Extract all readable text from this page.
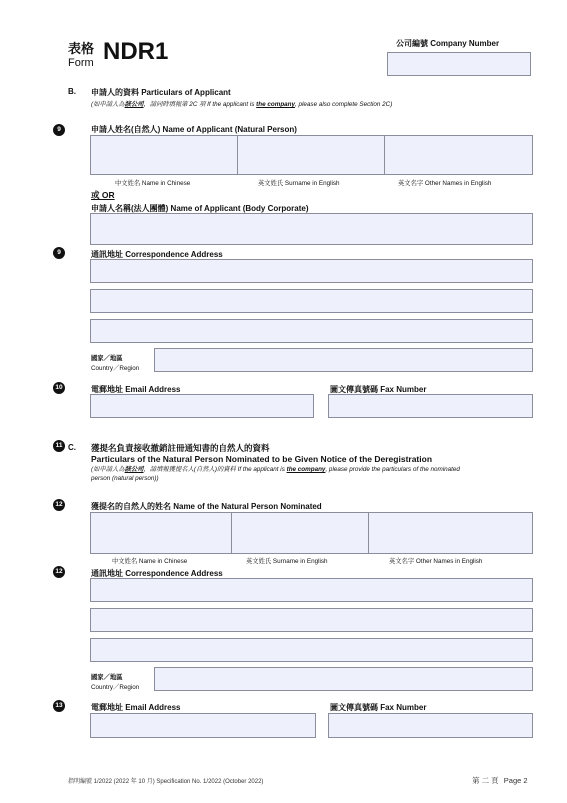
表格
Form NDR1	公司編號 Company Number
B. 申請人的資料 Particulars of Applicant
(如申請人為該公司，請同時填報第 2C 項 If the applicant is the company, please also complete Section 2C)
9	申請人姓名(自然人) Name of Applicant (Natural Person)
中文姓名 Name in Chinese	英文姓氏 Surname in English	英文名字 Other Names in English
或 OR
申請人名稱(法人團體) Name of Applicant (Body Corporate)
9	通訊地址 Correspondence Address
國家／地區
Country／Region
10	電郵地址 Email Address	圖文傳真號碼 Fax Number
11 C. 獲提名負責接收撤銷註冊通知書的自然人的資料
Particulars of the Natural Person Nominated to be Given Notice of the Deregistration
(如申請人為該公司，請填報獲提名人(自然人)的資料 If the applicant is the company, please provide the particulars of the nominated
person (natural person))
12	獲提名的自然人的姓名 Name of the Natural Person Nominated
中文姓名 Name in Chinese	英文姓氏 Surname in English	英文名字 Other Names in English
12	通訊地址 Correspondence Address
國家／地區
Country／Region
13	電郵地址 Email Address	圖文傳真號碼 Fax Number
指明編號 1/2022 (2022 年 10 月) Specification No. 1/2022 (October 2022)	第 二 頁 Page 2
